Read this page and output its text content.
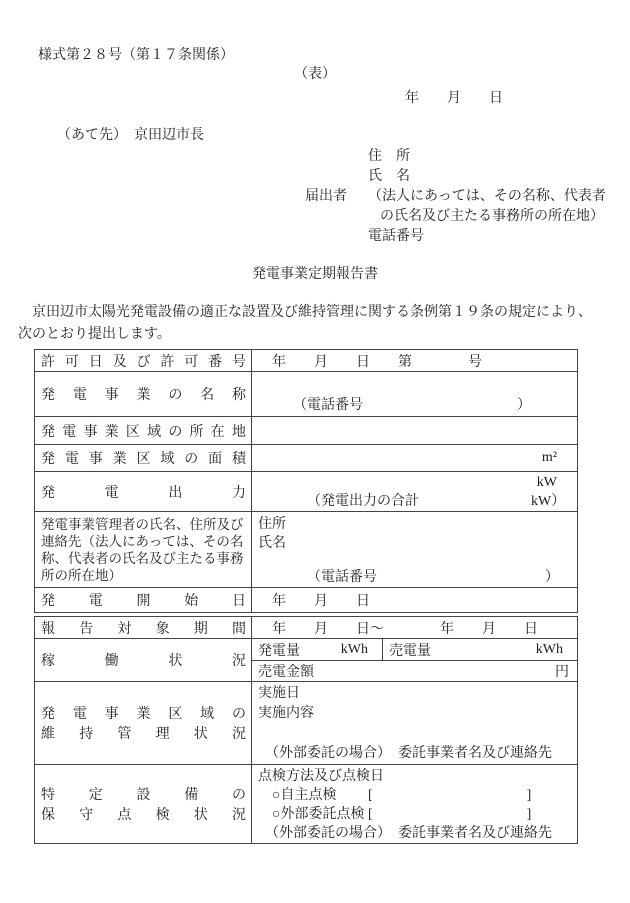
様式第２８号（第１７条関係）
（表）
年　　月　　日
（あて先）　京田辺市長
住　所
氏　名
届出者 （法人にあっては、その名称、代表者
の氏名及び主たる事務所の所在地）
電話番号
発電事業定期報告書
　京田辺市太陽光発電設備の適正な設置及び維持管理に関する条例第１９条の規定により、
次のとおり提出します。
許可日及び許可番号	　年　　月　　日　　第　　　　号
発電事業の名称	　　　（電話番号　　　　　　　　　　　）

発電事業区域の所在地	
発電事業区域の面積	m²
発電出力	kW
　　　　（発電出力の合計　　　　　　　　kW）

発電事業管理者の氏名、住所及び
連絡先（法人にあっては、その名
称、代表者の氏名及び主たる事務
所の所在地）

住所
氏名
　　　　（電話番号　　　　　　　　　　　　）

発電開始日	　年　　月　　日
報告対象期間	　年　　月　　日～　　　　年　　月　　日	
稼働状況	発電量 kWh	売電量 kWh

	売電金額 円	

発電事業区域の
維持管理状況

実施日
実施内容
　（外部委託の場合）　委託事業者名及び連絡先

特定設備の
保守点検状況

点検方法及び点検日
　○自主点検　　 [　　　　　　　　　　　]
　○外部委託点検 [　　　　　　　　　　　]
　（外部委託の場合）　委託事業者名及び連絡先
